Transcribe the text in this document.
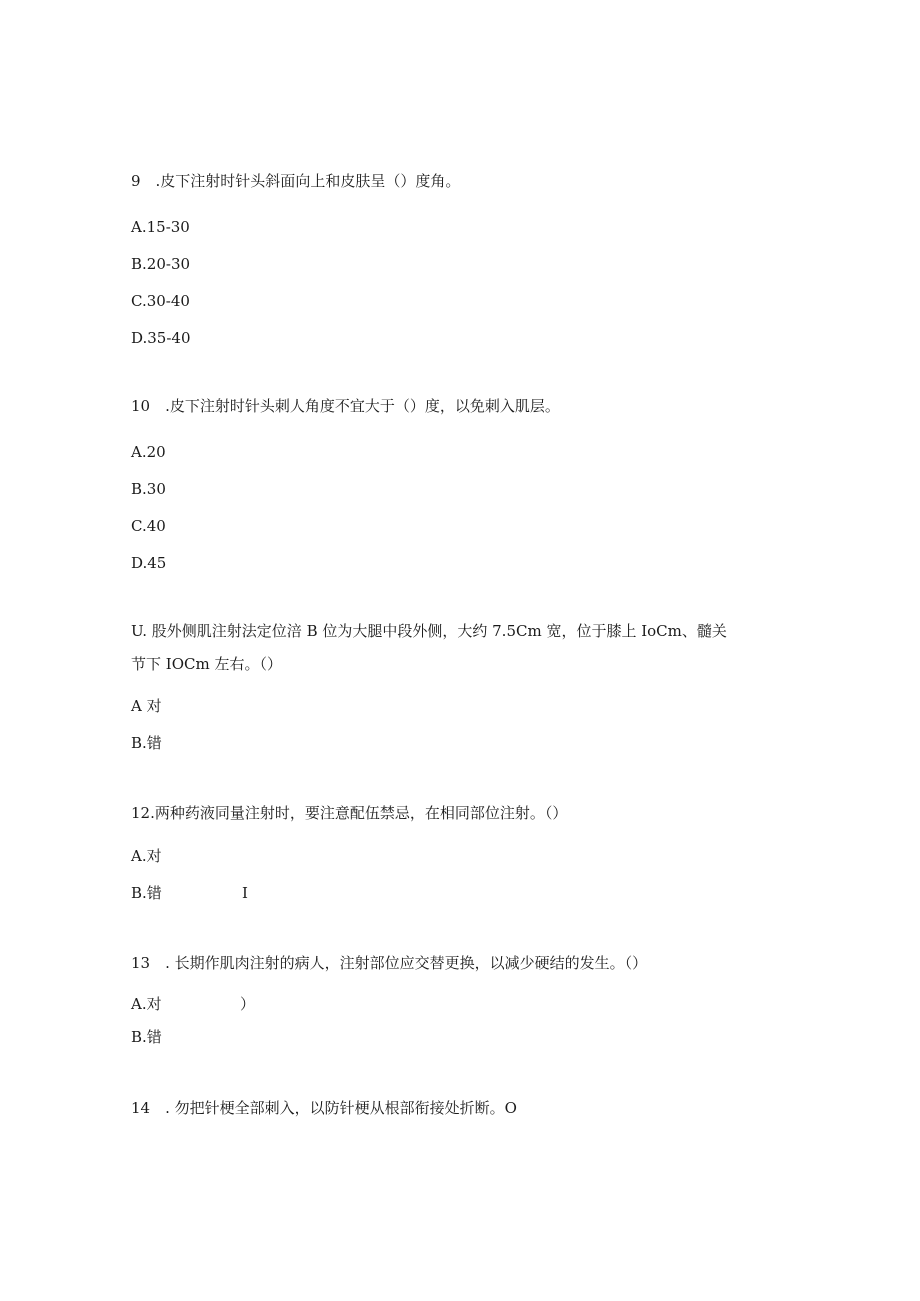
9　.皮下注射时针头斜面向上和皮肤呈（）度角。
A.15-30
B.20-30
C.30-40
D.35-40
10　.皮下注射时针头刺人角度不宜大于（）度，以免刺入肌层。
A.20
B.30
C.40
D.45
U. 股外侧肌注射法定位涪 B 位为大腿中段外侧，大约 7.5Cm 宽，位于膝上 IoCm、髓关
节下 IOCm 左右。（）
A 对
B.错
12.两种药液同量注射时，要注意配伍禁忌，在相同部位注射。（）
A.对
B.错	I
13　. 长期作肌肉注射的病人，注射部位应交替更换，以减少硬结的发生。（）
A.对	）
B.错
14　. 勿把针梗全部刺入，以防针梗从根部衔接处折断。O
